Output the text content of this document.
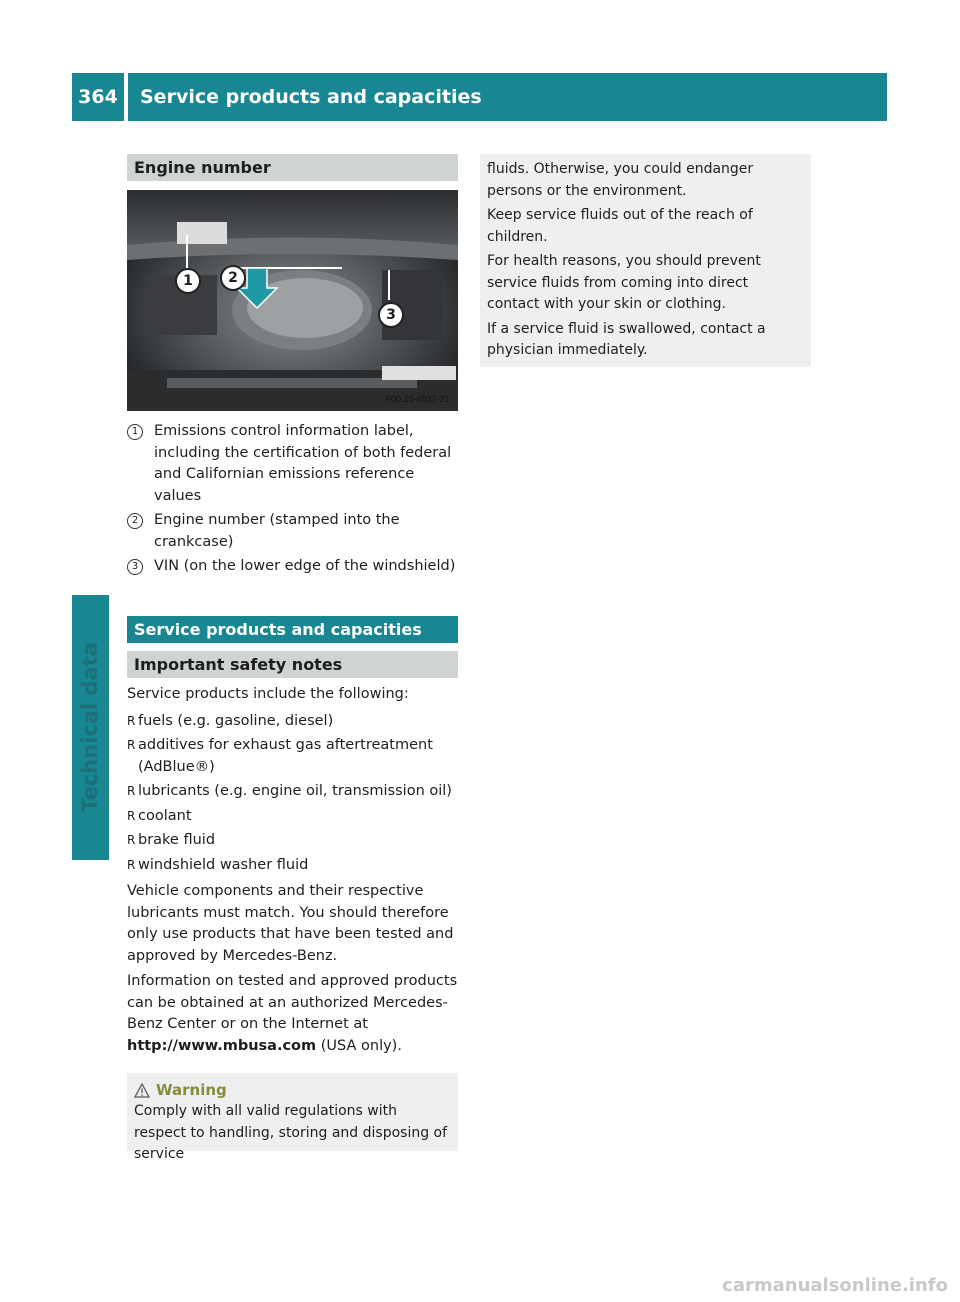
364	Service products and capacities
Technical data
Engine number
1	2
3
P00.10-4837-31
1	Emissions control information label, including the certification of both federal and Californian emissions reference values
2	Engine number (stamped into the crankcase)
3	VIN (on the lower edge of the windshield)
Service products and capacities
Important safety notes

Service products include the following:

R fuels (e.g. gasoline, diesel)
R additives for exhaust gas aftertreatment (AdBlue®)
R lubricants (e.g. engine oil, transmission oil)
R coolant
R brake fluid
R windshield washer fluid

Vehicle components and their respective lubricants must match. You should therefore only use products that have been tested and approved by Mercedes-Benz.

Information on tested and approved products can be obtained at an authorized Mercedes-Benz Center or on the Internet at http://www.mbusa.com (USA only).

Warning
Comply with all valid regulations with respect to handling, storing and disposing of service

fluids. Otherwise, you could endanger persons or the environment.

Keep service fluids out of the reach of children.

For health reasons, you should prevent service fluids from coming into direct contact with your skin or clothing.

If a service fluid is swallowed, contact a physician immediately.

carmanualsonline.info
